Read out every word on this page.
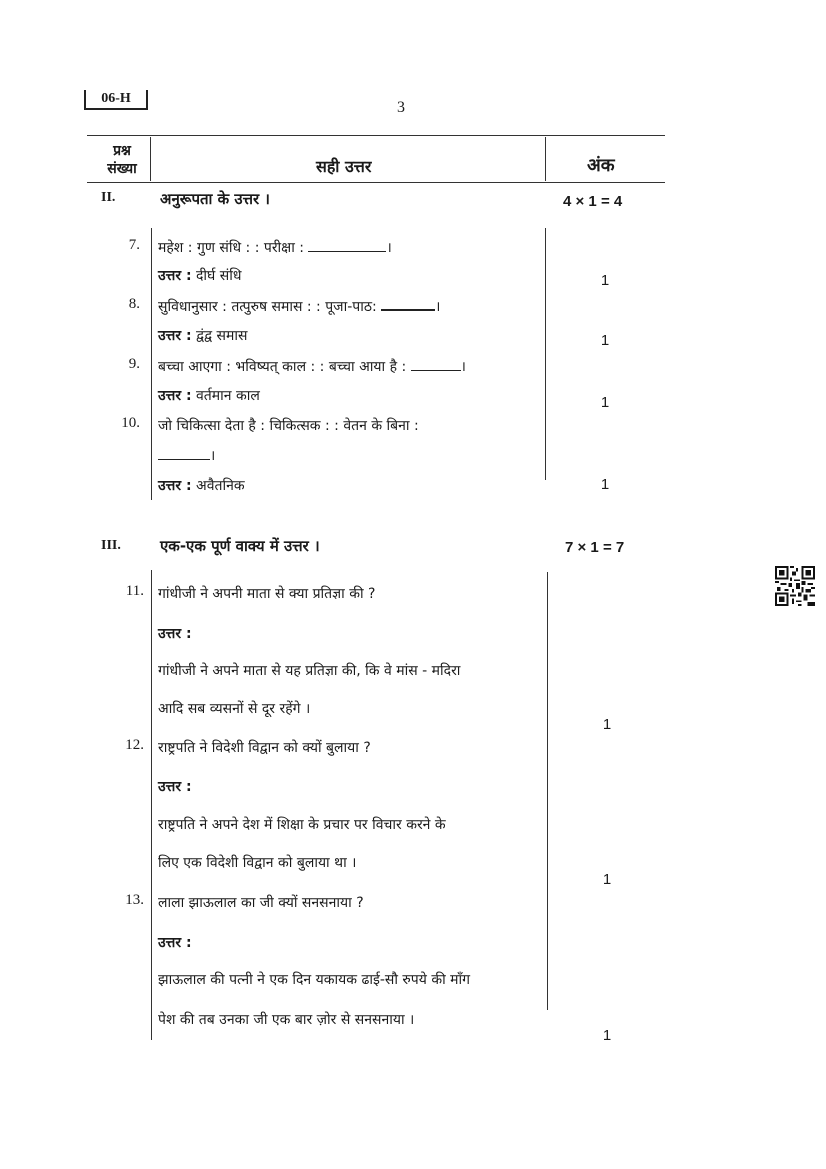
06-H
3
प्रश्न संख्या	सही उत्तर	अंक
II.	अनुरूपता के उत्तर ।	4 × 1 = 4
7. महेश : गुण संधि : : परीक्षा :	।
उत्तर : दीर्घ संधि	1
8. सुविधानुसार : तत्पुरुष समास : : पूजा-पाठ:	।
उत्तर : द्वंद्व समास	1
9. बच्चा आएगा : भविष्यत् काल : : बच्चा आया है :	।
उत्तर : वर्तमान काल	1
10. जो चिकित्सा देता है : चिकित्सक : : वेतन के बिना :
।
उत्तर : अवैतनिक	1
III.	एक-एक पूर्ण वाक्य में उत्तर ।	7 × 1 = 7
11. गांधीजी ने अपनी माता से क्या प्रतिज्ञा की ?
उत्तर :
गांधीजी ने अपने माता से यह प्रतिज्ञा की, कि वे मांस - मदिरा
आदि सब व्यसनों से दूर रहेंगे ।
1
12. राष्ट्रपति ने विदेशी विद्वान को क्यों बुलाया ?
उत्तर :
राष्ट्रपति ने अपने देश में शिक्षा के प्रचार पर विचार करने के
लिए एक विदेशी विद्वान को बुलाया था ।
1
13. लाला झाऊलाल का जी क्यों सनसनाया ?
उत्तर :
झाऊलाल की पत्नी ने एक दिन यकायक ढाई-सौ रुपये की माँग
पेश की तब उनका जी एक बार ज़ोर से सनसनाया ।
1
